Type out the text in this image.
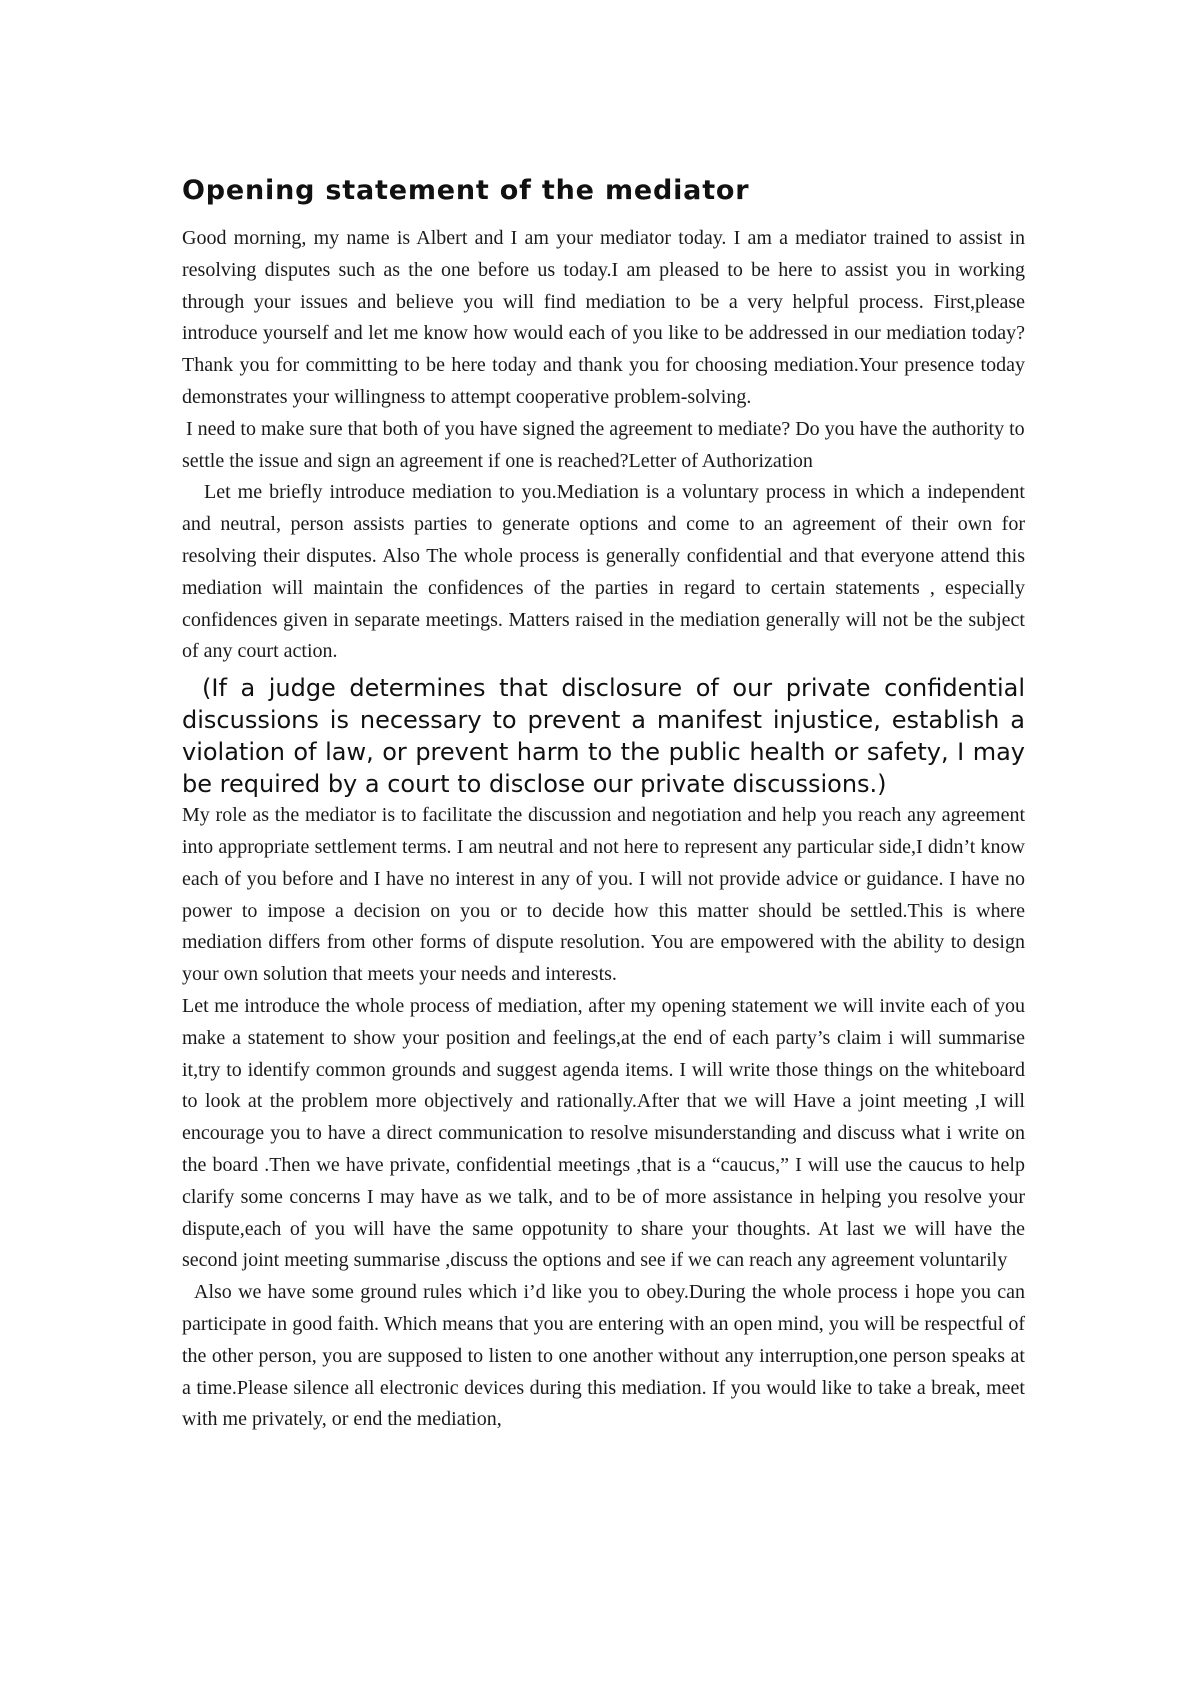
Opening statement of the mediator

Good morning, my name is Albert and I am your mediator today. I am a mediator trained to assist in resolving disputes such as the one before us today.I am pleased to be here to assist you in working through your issues and believe you will find mediation to be a very helpful process. First,please introduce yourself and let me know how would each of you like to be addressed in our mediation today? Thank you for committing to be here today and thank you for choosing mediation.Your presence today demonstrates your willingness to attempt cooperative problem-solving.

I need to make sure that both of you have signed the agreement to mediate? Do you have the authority to settle the issue and sign an agreement if one is reached?Letter of Authorization

Let me briefly introduce mediation to you.Mediation is a voluntary process in which a independent and neutral, person assists parties to generate options and come to an agreement of their own for resolving their disputes. Also The whole process is generally confidential and that everyone attend this mediation will maintain the confidences of the parties in regard to certain statements , especially confidences given in separate meetings. Matters raised in the mediation generally will not be the subject of any court action.

(If a judge determines that disclosure of our private confidential discussions is necessary to prevent a manifest injustice, establish a violation of law, or prevent harm to the public health or safety, I may be required by a court to disclose our private discussions.)

My role as the mediator is to facilitate the discussion and negotiation and help you reach any agreement into appropriate settlement terms. I am neutral and not here to represent any particular side,I didn’t know each of you before and I have no interest in any of you. I will not provide advice or guidance. I have no power to impose a decision on you or to decide how this matter should be settled.This is where mediation differs from other forms of dispute resolution. You are empowered with the ability to design your own solution that meets your needs and interests.

Let me introduce the whole process of mediation, after my opening statement we will invite each of you make a statement to show your position and feelings,at the end of each party’s claim i will summarise it,try to identify common grounds and suggest agenda items. I will write those things on the whiteboard to look at the problem more objectively and rationally.After that we will Have a joint meeting ,I will encourage you to have a direct communication to resolve misunderstanding and discuss what i write on the board .Then we have private, confidential meetings ,that is a “caucus,” I will use the caucus to help clarify some concerns I may have as we talk, and to be of more assistance in helping you resolve your dispute,each of you will have the same oppotunity to share your thoughts. At last we will have the second joint meeting summarise ,discuss the options and see if we can reach any agreement voluntarily

Also we have some ground rules which i’d like you to obey.During the whole process i hope you can participate in good faith. Which means that you are entering with an open mind, you will be respectful of the other person, you are supposed to listen to one another without any interruption,one person speaks at a time.Please silence all electronic devices during this mediation. If you would like to take a break, meet with me privately, or end the mediation,
